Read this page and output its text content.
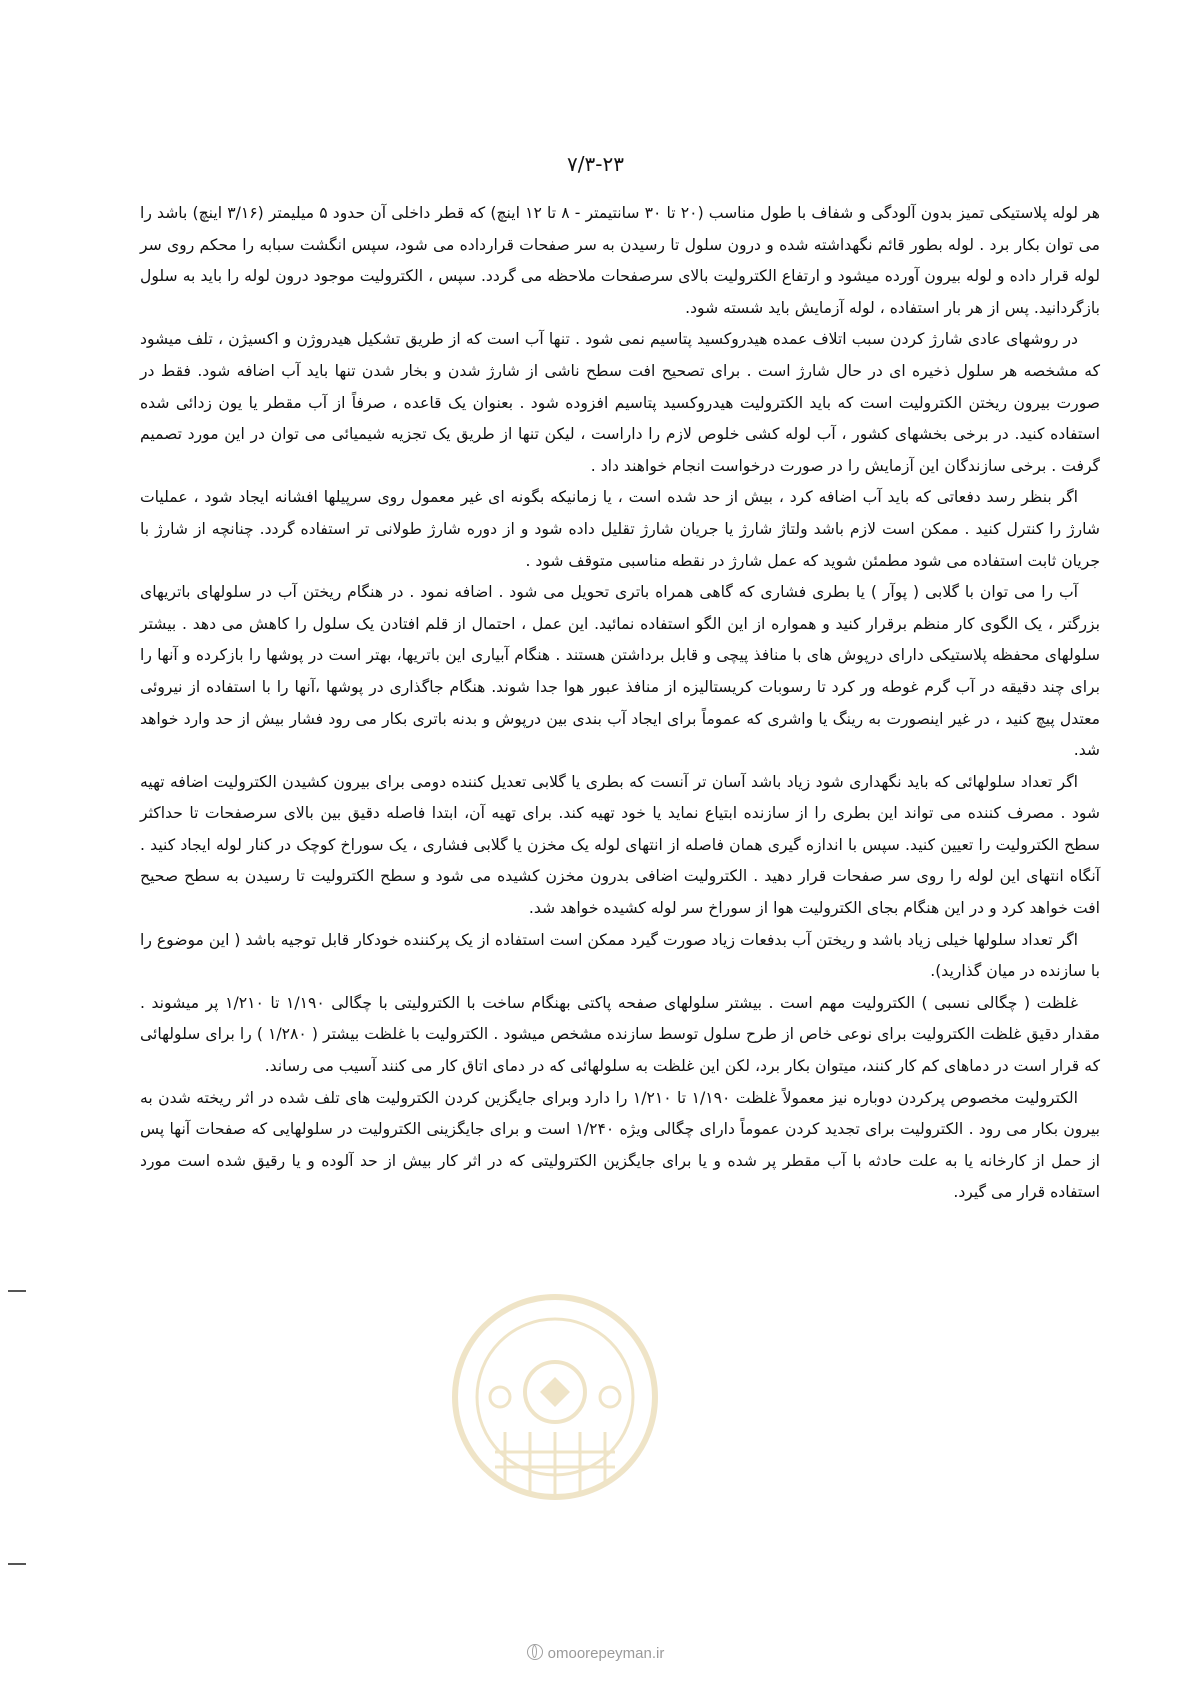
۷/۳-۲۳

هر لوله پلاستیکی تمیز بدون آلودگی و شفاف با طول مناسب (۲۰ تا ۳۰ سانتیمتر - ۸ تا ۱۲ اینچ) که قطر داخلی آن حدود ۵ میلیمتر (۳/۱۶ اینچ) باشد را می توان بکار برد . لوله بطور قائم نگهداشته شده و درون سلول تا رسیدن به سر صفحات قرارداده می شود، سپس انگشت سبابه را محکم روی سر لوله قرار داده و لوله بیرون آورده میشود و ارتفاع الکترولیت بالای سرصفحات ملاحظه می گردد. سپس ، الکترولیت موجود درون لوله را باید به سلول بازگردانید. پس از هر بار استفاده ، لوله آزمایش باید شسته شود.

در روشهای عادی شارژ کردن سبب اتلاف عمده هیدروکسید پتاسیم نمی شود . تنها آب است که از طریق تشکیل هیدروژن و اکسیژن ، تلف میشود که مشخصه هر سلول ذخیره ای در حال شارژ است . برای تصحیح افت سطح ناشی از شارژ شدن و بخار شدن تنها باید آب اضافه شود. فقط در صورت بیرون ریختن الکترولیت است که باید الکترولیت هیدروکسید پتاسیم افزوده شود . بعنوان یک قاعده ، صرفاً از آب مقطر یا یون زدائی شده استفاده کنید. در برخی بخشهای کشور ، آب لوله کشی خلوص لازم را داراست ، لیکن تنها از طریق یک تجزیه شیمیائی می توان در این مورد تصمیم گرفت . برخی سازندگان این آزمایش را در صورت درخواست انجام خواهند داد .

اگر بنظر رسد دفعاتی که باید آب اضافه کرد ، بیش از حد شده است ، یا زمانیکه بگونه ای غیر معمول روی سرپیلها افشانه ایجاد شود ، عملیات شارژ را کنترل کنید . ممکن است لازم باشد ولتاژ شارژ یا جریان شارژ تقلیل داده شود و از دوره شارژ طولانی تر استفاده گردد. چنانچه از شارژ با جریان ثابت استفاده می شود مطمئن شوید که عمل شارژ در نقطه مناسبی متوقف شود .

آب را می توان با گلابی ( پوآر ) یا بطری فشاری که گاهی همراه باتری تحویل می شود . اضافه نمود . در هنگام ریختن آب در سلولهای باتریهای بزرگتر ، یک الگوی کار منظم برقرار کنید و همواره از این الگو استفاده نمائید. این عمل ، احتمال از قلم افتادن یک سلول را کاهش می دهد . بیشتر سلولهای محفظه پلاستیکی دارای درپوش های با منافذ پیچی و قابل برداشتن هستند . هنگام آبیاری این باتریها، بهتر است در پوشها را بازکرده و آنها را برای چند دقیقه در آب گرم غوطه ور کرد تا رسوبات کریستالیزه از منافذ عبور هوا جدا شوند. هنگام جاگذاری در پوشها ،آنها را با استفاده از نیروئی معتدل پیچ کنید ، در غیر اینصورت به رینگ یا واشری که عموماً برای ایجاد آب بندی بین درپوش و بدنه باتری بکار می رود فشار بیش از حد وارد خواهد شد.

اگر تعداد سلولهائی که باید نگهداری شود زیاد باشد آسان تر آنست که بطری یا گلابی تعدیل کننده دومی برای بیرون کشیدن الکترولیت اضافه تهیه شود . مصرف کننده می تواند این بطری را از سازنده ابتیاع نماید یا خود تهیه کند. برای تهیه آن، ابتدا فاصله دقیق بین بالای سرصفحات تا حداکثر سطح الکترولیت را تعیین کنید. سپس با اندازه گیری همان فاصله از انتهای لوله یک مخزن یا گلابی فشاری ، یک سوراخ کوچک در کنار لوله ایجاد کنید . آنگاه انتهای این لوله را روی سر صفحات قرار دهید . الکترولیت اضافی بدرون مخزن کشیده می شود و سطح الکترولیت تا رسیدن به سطح صحیح افت خواهد کرد و در این هنگام بجای الکترولیت هوا از سوراخ سر لوله کشیده خواهد شد.

اگر تعداد سلولها خیلی زیاد باشد و ریختن آب بدفعات زیاد صورت گیرد ممکن است استفاده از یک پرکننده خودکار قابل توجیه باشد ( این موضوع را با سازنده در میان گذارید).

غلظت ( چگالی نسبی ) الکترولیت مهم است . بیشتر سلولهای صفحه پاکتی بهنگام ساخت با الکترولیتی با چگالی ۱/۱۹۰ تا ۱/۲۱۰ پر میشوند . مقدار دقیق غلظت الکترولیت برای نوعی خاص از طرح سلول توسط سازنده مشخص میشود . الکترولیت با غلظت بیشتر ( ۱/۲۸۰ ) را برای سلولهائی که قرار است در دماهای کم کار کنند، میتوان بکار برد، لکن این غلظت به سلولهائی که در دمای اتاق کار می کنند آسیب می رساند.

الکترولیت مخصوص پرکردن دوباره نیز معمولاً غلظت ۱/۱۹۰ تا ۱/۲۱۰ را دارد وبرای جایگزین کردن الکترولیت های تلف شده در اثر ریخته شدن به بیرون بکار می رود . الکترولیت برای تجدید کردن عموماً دارای چگالی ویژه ۱/۲۴۰ است و برای جایگزینی الکترولیت در سلولهایی که صفحات آنها پس از حمل از کارخانه یا به علت حادثه با آب مقطر پر شده و یا برای جایگزین الکترولیتی که در اثر کار بیش از حد آلوده و یا رقیق شده است مورد استفاده قرار می گیرد.

omoorepeyman.ir
